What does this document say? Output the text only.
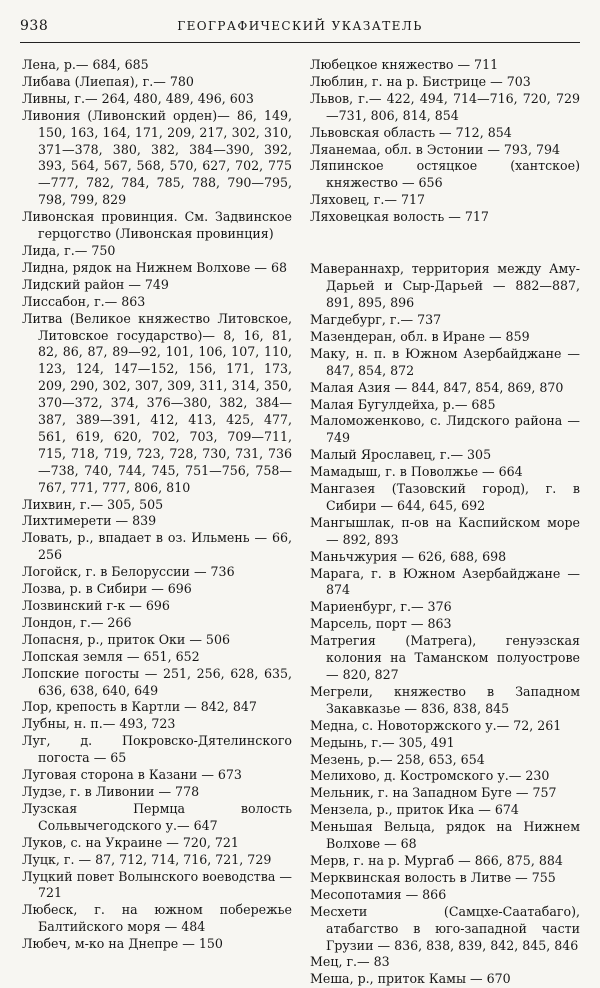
938	ГЕОГРАФИЧЕСКИЙ УКАЗАТЕЛЬ

Лена, р.— 684, 685

Либава (Лиепая), г.— 780

Ливны, г.— 264, 480, 489, 496, 603

Ливония (Ливонский орден)— 86, 149, 150, 163, 164, 171, 209, 217, 302, 310, 371—378, 380, 382, 384—390, 392, 393, 564, 567, 568, 570, 627, 702, 775—777, 782, 784, 785, 788, 790—795, 798, 799, 829

Ливонская провинция. См. Задвинское герцогство (Ливонская провинция)

Лида, г.— 750

Лидна, рядок на Нижнем Волхове — 68

Лидский район — 749

Лиссабон, г.— 863

Литва (Великое княжество Литовское, Литовское государство)— 8, 16, 81, 82, 86, 87, 89—92, 101, 106, 107, 110, 123, 124, 147—152, 156, 171, 173, 209, 290, 302, 307, 309, 311, 314, 350, 370—372, 374, 376—380, 382, 384—387, 389—391, 412, 413, 425, 477, 561, 619, 620, 702, 703, 709—711, 715, 718, 719, 723, 728, 730, 731, 736—738, 740, 744, 745, 751—756, 758—767, 771, 777, 806, 810

Лихвин, г.— 305, 505

Лихтимерети — 839

Ловать, р., впадает в оз. Ильмень — 66, 256

Логойск, г. в Белоруссии — 736

Лозва, р. в Сибири — 696

Лозвинский г-к — 696

Лондон, г.— 266

Лопасня, р., приток Оки — 506

Лопская земля — 651, 652

Лопские погосты — 251, 256, 628, 635, 636, 638, 640, 649

Лор, крепость в Картли — 842, 847

Лубны, н. п.— 493, 723

Луг, д. Покровско-Дятелинского погоста — 65

Луговая сторона в Казани — 673

Лудзе, г. в Ливонии — 778

Лузская Пермца волость Сольвычегодского у.— 647

Луков, с. на Украине — 720, 721

Луцк, г. — 87, 712, 714, 716, 721, 729

Луцкий повет Волынского воеводства — 721

Любеск, г. на южном побережье Балтийского моря — 484

Любеч, м-ко на Днепре — 150

Любецкое княжество — 711

Люблин, г. на р. Бистрице — 703

Львов, г.— 422, 494, 714—716, 720, 729—731, 806, 814, 854

Львовская область — 712, 854

Ляанемаа, обл. в Эстонии — 793, 794

Ляпинское остяцкое (хантское) княжество — 656

Ляховец, г.— 717

Ляховецкая волость — 717

Мавераннахр, территория между Аму-Дарьей и Сыр-Дарьей — 882—887, 891, 895, 896

Магдебург, г.— 737

Мазендеран, обл. в Иране — 859

Маку, н. п. в Южном Азербайджане — 847, 854, 872

Малая Азия — 844, 847, 854, 869, 870

Малая Бугулдейха, р.— 685

Маломоженково, с. Лидского района — 749

Малый Ярославец, г.— 305

Мамадыш, г. в Поволжье — 664

Мангазея (Тазовский город), г. в Сибири — 644, 645, 692

Мангышлак, п-ов на Каспийском море— 892, 893

Маньчжурия — 626, 688, 698

Марага, г. в Южном Азербайджане — 874

Мариенбург, г.— 376

Марсель, порт — 863

Матрегия (Матрега), генуэзская колония на Таманском полуострове — 820, 827

Мегрели, княжество в Западном Закавказье — 836, 838, 845

Медна, с. Новоторжского у.— 72, 261

Медынь, г.— 305, 491

Мезень, р.— 258, 653, 654

Мелихово, д. Костромского у.— 230

Мельник, г. на Западном Буге — 757

Мензела, р., приток Ика — 674

Меньшая Вельца, рядок на Нижнем Волхове — 68

Мерв, г. на р. Мургаб — 866, 875, 884

Мерквинская волость в Литве — 755

Месопотамия — 866

Месхети (Самцхе-Саатабаго), атабагство в юго-западной части Грузии — 836, 838, 839, 842, 845, 846

Мец, г.— 83

Меша, р., приток Камы — 670
